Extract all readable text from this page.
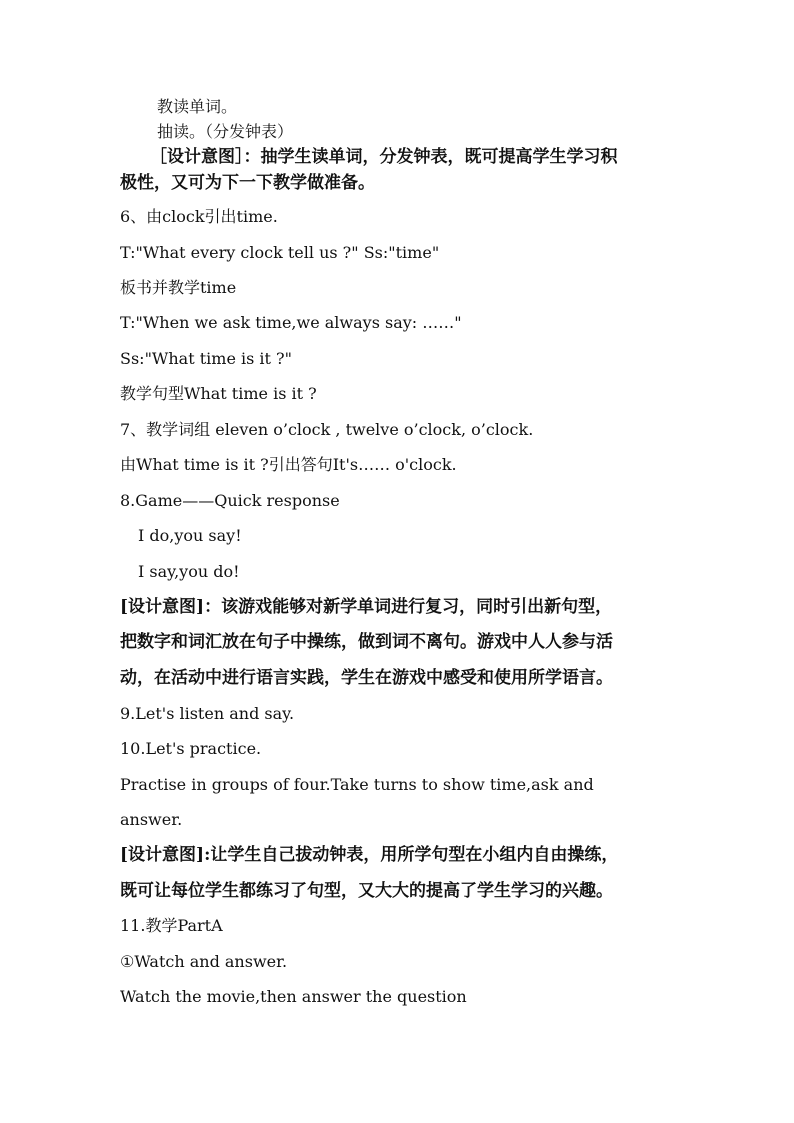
教读单词。
抽读。（分发钟表）
［设计意图］：抽学生读单词，分发钟表，既可提高学生学习积
极性，又可为下一下教学做准备。
6、由clock引出time.
T:"What every clock tell us ?" Ss:"time"
板书并教学time
T:"When we ask time,we always say: ……"
Ss:"What time is it ?"
教学句型What time is it ?
7、教学词组 eleven o’clock , twelve o’clock, o’clock.
由What time is it ?引出答句It's…… o'clock.
8.Game——Quick response
I do,you say!
I say,you do!
[设计意图]：该游戏能够对新学单词进行复习，同时引出新句型，
把数字和词汇放在句子中操练，做到词不离句。游戏中人人参与活
动，在活动中进行语言实践，学生在游戏中感受和使用所学语言。
9.Let's listen and say.
10.Let's practice.
Practise in groups of four.Take turns to show time,ask and
answer.
[设计意图]:让学生自己拔动钟表，用所学句型在小组内自由操练，
既可让每位学生都练习了句型，又大大的提高了学生学习的兴趣。
11.教学PartA
①Watch and answer.
Watch the movie,then answer the question
